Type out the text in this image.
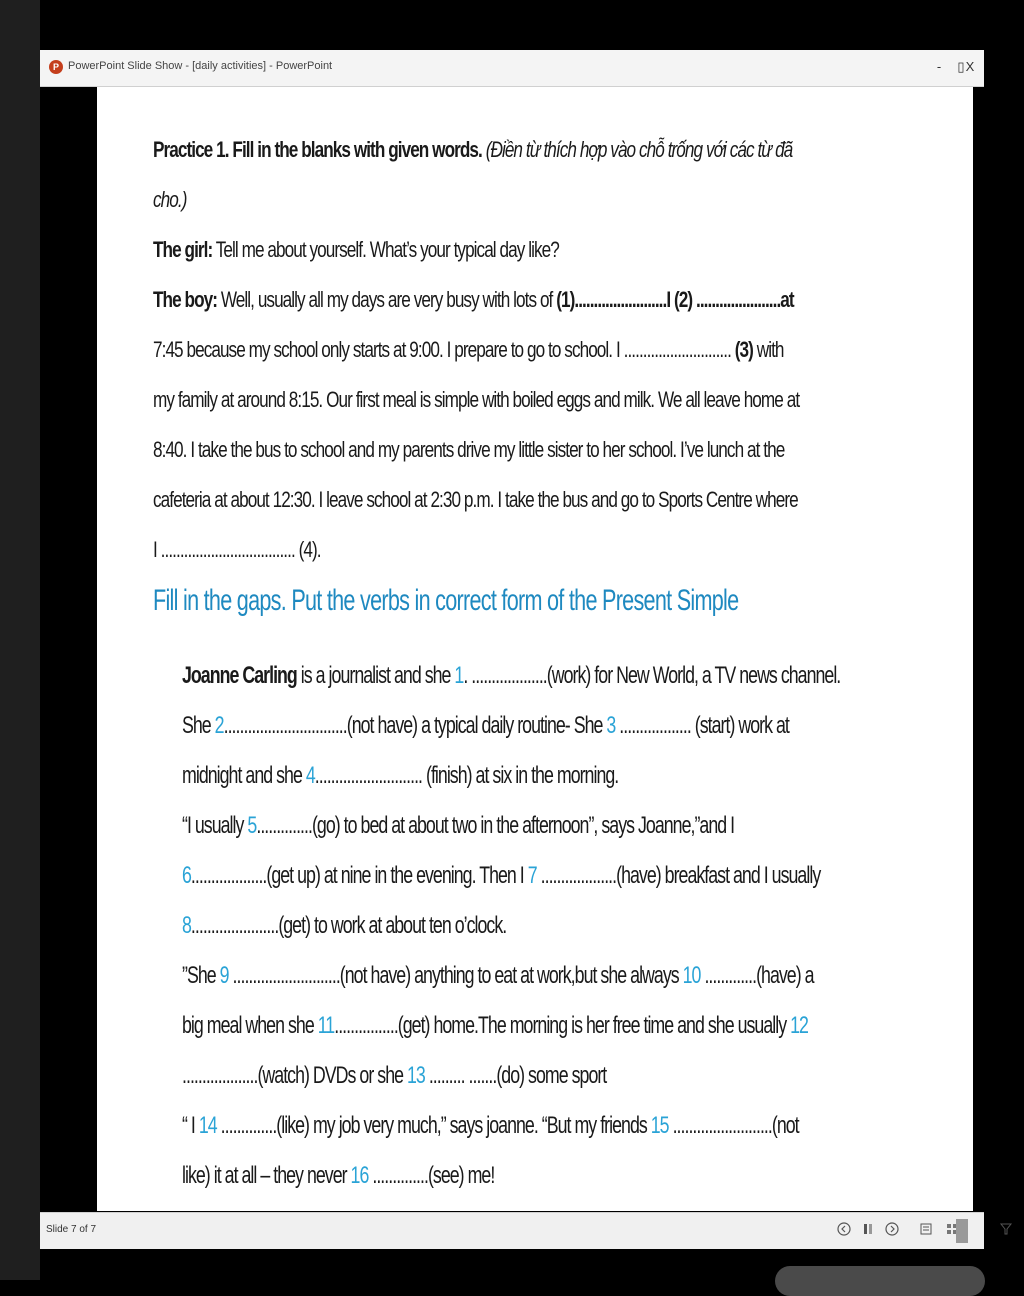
P PowerPoint Slide Show - [daily activities] - PowerPoint	-	▯ X
Practice 1. Fill in the blanks with given words. (Điền từ thích hợp vào chỗ trống với các từ đã
cho.)
The girl: Tell me about yourself. What’s your typical day like?
The boy: Well, usually all my days are very busy with lots of (1)........................I (2) ......................at
7:45 because my school only starts at 9:00. I prepare to go to school. I ............................ (3) with
my family at around 8:15. Our first meal is simple with boiled eggs and milk. We all leave home at
8:40. I take the bus to school and my parents drive my little sister to her school. I’ve lunch at the
cafeteria at about 12:30. I leave school at 2:30 p.m. I take the bus and go to Sports Centre where
I ................................... (4).
Fill in the gaps. Put the verbs in correct form of the Present Simple
Joanne Carling is a journalist and she 1. ...................(work) for New World, a TV news channel.
She 2...............................(not have) a typical daily routine- She 3 .................. (start) work at
midnight and she 4........................... (finish) at six in the morning.
“I usually 5..............(go) to bed at about two in the afternoon”, says Joanne,”and I
6...................(get up) at nine in the evening. Then I 7 ...................(have) breakfast and I usually
8......................(get) to work at about ten o’clock.
”She 9 ...........................(not have) anything to eat at work,but she always 10 .............(have) a
big meal when she 11................(get) home.The morning is her free time and she usually 12
...................(watch) DVDs or she 13 ......... .......(do) some sport
“ I 14 ..............(like) my job very much,” says joanne. “But my friends 15 .........................(not
like) it at all – they never 16 ..............(see) me!
Slide 7 of 7
